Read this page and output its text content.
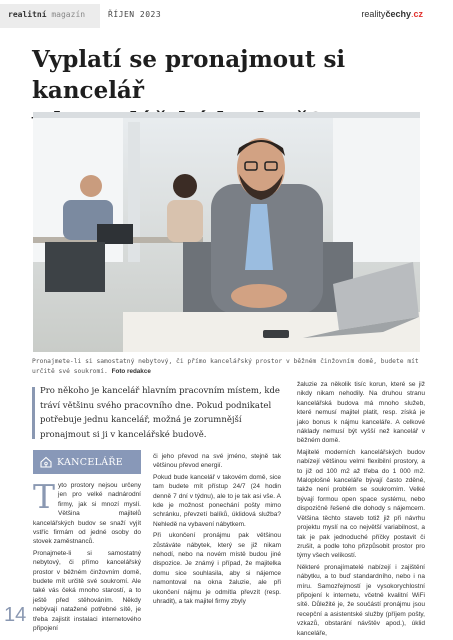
realitní magazín	ŘÍJEN 2023	realityčechy.cz
Vyplatí se pronajmout si kancelář

Pronajmete-li si samostatný nebytový, či přímo kancelářský prostor v běžném činžovním domě, budete mít určitě své soukromí. Foto redakce
Pro někoho je kancelář hlavním pracovním místem, kde tráví většinu svého pracovního dne. Pokud podnikatel potřebuje jednu kancelář, možná je zorumnější pronajmout si ji v kancelářské budově.
KANCELÁŘE

Tyto prostory nejsou určeny jen pro velké nadnárodní firmy, jak si mnozí myslí. Většina majitelů kancelářských budov se snaží vyjít vstříc firmám od jedné osoby do stovek zaměstnanců.

Pronajmete-li si samostatný nebytový, či přímo kancelářský prostor v běžném činžovním domě, budete mít určitě své soukromí. Ale také vás čeká mnoho starostí, a to ještě před stěhováním. Někdy nebývají natažené potřebné sítě, je třeba zajistit instalaci internetového připojení

či jeho převod na své jméno, stejně tak většinou převod energií.

Pokud bude kancelář v takovém domě, sice tam budete mít přístup 24/7 (24 hodin denně 7 dní v týdnu), ale to je tak asi vše. A kde je možnost ponechání pošty mimo schránku, převzetí balíků, úklidová služba? Nehledě na vybavení nábytkem.

Při ukončení pronájmu pak většinou zůstáváte nábytek, který se již nikam nehodí, nebo na novém místě budou jiné dispozice. Je známý i případ, že majitelka domu sice souhlasila, aby si nájemce namontoval na okna žaluzie, ale při ukončení nájmu je odmítla převzít (resp. uhradit), a tak majitel firmy zbyly

žaluzie za několik tisíc korun, které se již nikdy nikam nehodily. Na druhou stranu kancelářská budova má mnoho služeb, které nemusí majitel platit, resp. získá je jako bonus k nájmu kanceláře. A celkové náklady nemusí být vyšší než kancelář v běžném domě.

Majitelé moderních kancelářských budov nabízejí většinou velmi flexibilní prostory, a to již od 100 m2 až třeba do 1 000 m2. Maloplošné kanceláře bývají často zděné, takže není problém se soukromím. Velké bývají formou open space systému, nebo dispozičně řešené dle dohody s nájemcem. Většina těchto staveb totiž již při návrhu projektu myslí na co největší variabilnost, a tak je pak jednoduché příčky postavit či zrušit, a podle toho přizpůsobit prostor pro týmy všech velikostí.

Některé pronajímatelé nabízejí i zajištění nábytku, a to buď standardního, nebo i na míru. Samozřejmostí je vysokorychlostní připojení k internetu, včetně kvalitní WiFi sítě. Důležité je, že součástí pronájmu jsou recepční a asistentské služby (příjem pošty, vzkazů, obstarání návštěv apod.), úklid kanceláře,

14
